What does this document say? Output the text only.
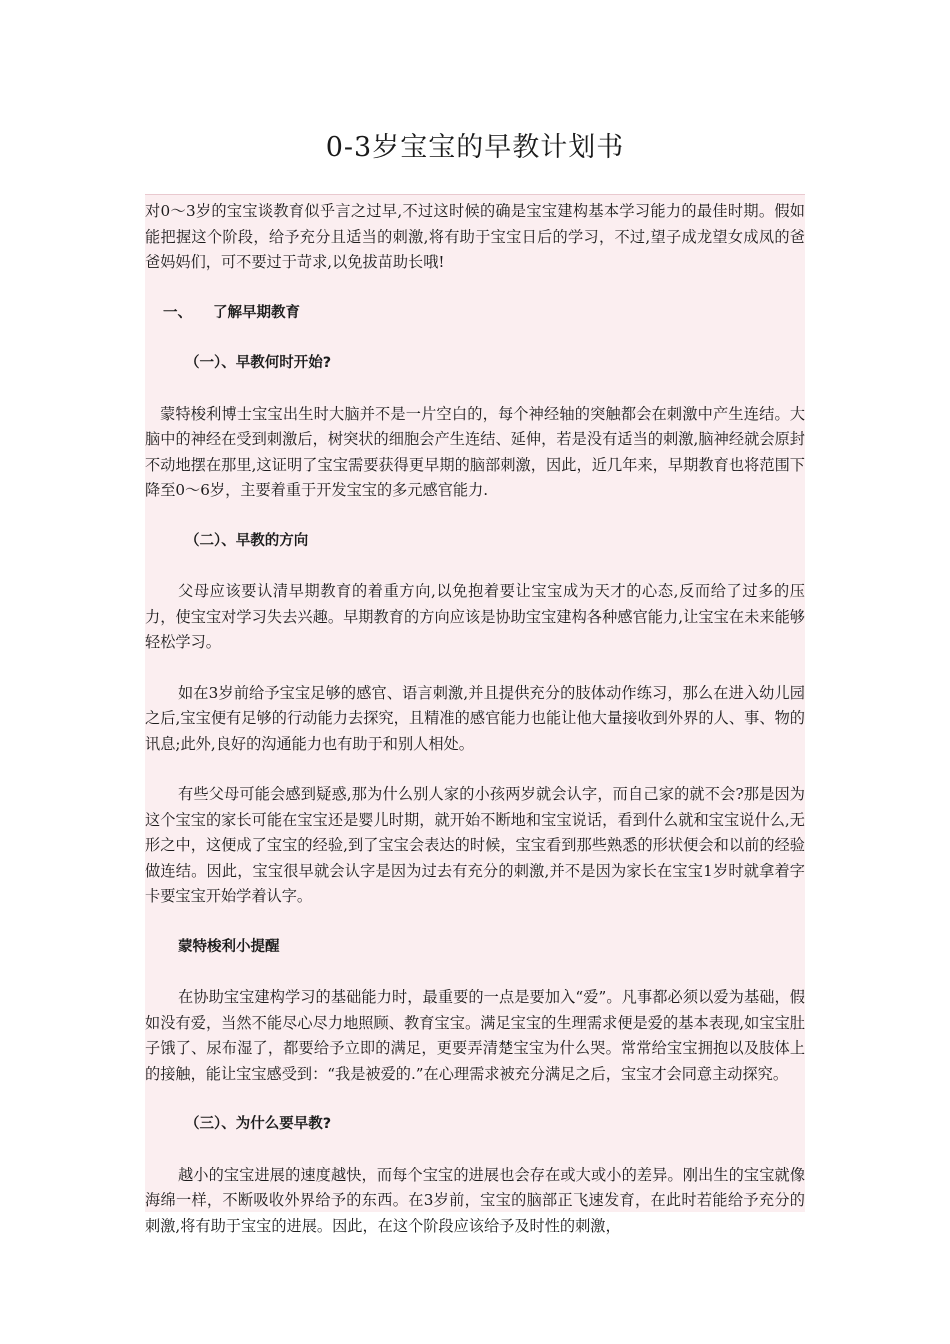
0-3岁宝宝的早教计划书

对0～3岁的宝宝谈教育似乎言之过早,不过这时候的确是宝宝建构基本学习能力的最佳时期。假如能把握这个阶段，给予充分且适当的刺激,将有助于宝宝日后的学习，不过,望子成龙望女成凤的爸爸妈妈们，可不要过于苛求,以免拔苗助长哦!

一、 了解早期教育

（一）、早教何时开始?

蒙特梭利博士宝宝出生时大脑并不是一片空白的，每个神经轴的突触都会在刺激中产生连结。大脑中的神经在受到刺激后，树突状的细胞会产生连结、延伸，若是没有适当的刺激,脑神经就会原封不动地摆在那里,这证明了宝宝需要获得更早期的脑部刺激，因此，近几年来，早期教育也将范围下降至0～6岁，主要着重于开发宝宝的多元感官能力.

（二）、早教的方向

父母应该要认清早期教育的着重方向,以免抱着要让宝宝成为天才的心态,反而给了过多的压力，使宝宝对学习失去兴趣。早期教育的方向应该是协助宝宝建构各种感官能力,让宝宝在未来能够轻松学习。

如在3岁前给予宝宝足够的感官、语言刺激,并且提供充分的肢体动作练习，那么在进入幼儿园之后,宝宝便有足够的行动能力去探究，且精准的感官能力也能让他大量接收到外界的人、事、物的讯息;此外,良好的沟通能力也有助于和别人相处。

有些父母可能会感到疑惑,那为什么别人家的小孩两岁就会认字，而自己家的就不会?那是因为这个宝宝的家长可能在宝宝还是婴儿时期，就开始不断地和宝宝说话，看到什么就和宝宝说什么,无形之中，这便成了宝宝的经验,到了宝宝会表达的时候，宝宝看到那些熟悉的形状便会和以前的经验做连结。因此，宝宝很早就会认字是因为过去有充分的刺激,并不是因为家长在宝宝1岁时就拿着字卡要宝宝开始学着认字。

蒙特梭利小提醒

在协助宝宝建构学习的基础能力时，最重要的一点是要加入“爱”。凡事都必须以爱为基础，假如没有爱，当然不能尽心尽力地照顾、教育宝宝。满足宝宝的生理需求便是爱的基本表现,如宝宝肚子饿了、尿布湿了，都要给予立即的满足，更要弄清楚宝宝为什么哭。常常给宝宝拥抱以及肢体上的接触，能让宝宝感受到：“我是被爱的.”在心理需求被充分满足之后，宝宝才会同意主动探究。

（三）、为什么要早教?

越小的宝宝进展的速度越快，而每个宝宝的进展也会存在或大或小的差异。刚出生的宝宝就像海绵一样，不断吸收外界给予的东西。在3岁前，宝宝的脑部正飞速发育，在此时若能给予充分的刺激,将有助于宝宝的进展。因此，在这个阶段应该给予及时性的刺激，
